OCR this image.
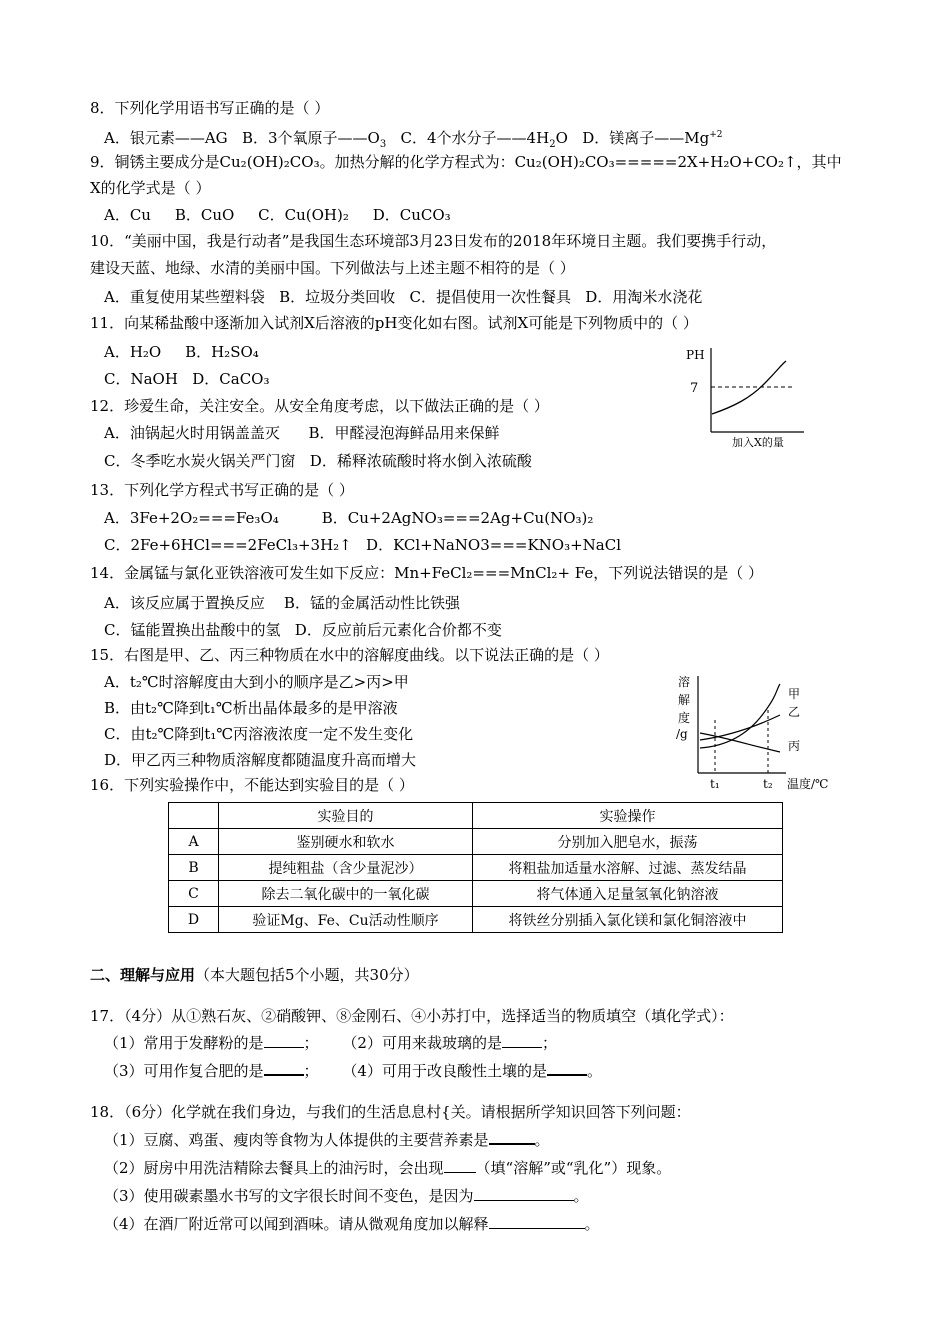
8．下列化学用语书写正确的是（ ）
A．银元素——AG B．3个氧原子$——O_3$ C．4个水分子$——4H_2O$ D．镁离子$——Mg^{+2}$
9．铜锈主要成分是Cu₂(OH)₂CO₃。加热分解的化学方程式为：Cu₂(OH)₂CO₃=====2X+H₂O+CO₂↑，其中
X的化学式是（ ）
A．Cu B．CuO C．Cu(OH)₂ D．CuCO₃
10．“美丽中国，我是行动者”是我国生态环境部3月23日发布的2018年环境日主题。我们要携手行动，
建设天蓝、地绿、水清的美丽中国。下列做法与上述主题不相符的是（ ）
A．重复使用某些塑料袋 B．垃圾分类回收 C．提倡使用一次性餐具 D．用淘米水浇花
11．向某稀盐酸中逐渐加入试剂X后溶液的pH变化如右图。试剂X可能是下列物质中的（ ）
A．H₂O B．H₂SO₄
C．NaOH D．CaCO₃
PH
7
加入X的量
12．珍爱生命，关注安全。从安全角度考虑，以下做法正确的是（ ）
A．油锅起火时用锅盖盖灭 B．甲醛浸泡海鲜品用来保鲜
C．冬季吃水炭火锅关严门窗 D．稀释浓硫酸时将水倒入浓硫酸
13．下列化学方程式书写正确的是（ ）
A．3Fe+2O₂===Fe₃O₄	B．Cu+2AgNO₃===2Ag+Cu(NO₃)₂
C．2Fe+6HCl===2FeCl₃+3H₂↑ D．KCl+NaNO3===KNO₃+NaCl
14．金属锰与氯化亚铁溶液可发生如下反应：Mn+FeCl₂===MnCl₂+ Fe，下列说法错误的是（ ）
A．该反应属于置换反应 B．锰的金属活动性比铁强
C．锰能置换出盐酸中的氢 D．反应前后元素化合价都不变
15．右图是甲、乙、丙三种物质在水中的溶解度曲线。以下说法正确的是（ ）
A．t₂℃时溶解度由大到小的顺序是乙>丙>甲
B．由t₂℃降到t₁℃析出晶体最多的是甲溶液
C．由t₂℃降到t₁℃丙溶液浓度一定不发生变化
D．甲乙丙三种物质溶解度都随温度升高而增大
溶
解
度
/g
甲
乙
丙
t₁	t₂ 温度/℃
16．下列实验操作中，不能达到实验目的是（ ）
	实验目的	实验操作
A	鉴别硬水和软水	分别加入肥皂水，振荡
B	提纯粗盐（含少量泥沙）	将粗盐加适量水溶解、过滤、蒸发结晶
C	除去二氧化碳中的一氧化碳	将气体通入足量氢氧化钠溶液
D	验证Mg、Fe、Cu活动性顺序	将铁丝分别插入氯化镁和氯化铜溶液中
二、理解与应用（本大题包括5个小题，共30分）
17．（4分）从①熟石灰、②硝酸钾、⑧金刚石、④小苏打中，选择适当的物质填空（填化学式）：
（1）常用于发酵粉的是	； （2）可用来裁玻璃的是	；
（3）可用作复合肥的是	； （4）可用于改良酸性土壤的是	。
18．（6分）化学就在我们身边，与我们的生活息息村{关。请根据所学知识回答下列问题：
（1）豆腐、鸡蛋、瘦肉等食物为人体提供的主要营养素是	。
（2）厨房中用洗洁精除去餐具上的油污时，会出现 （填“溶解”或“乳化”）现象。
（3）使用碳素墨水书写的文字很长时间不变色，是因为	。
（4）在酒厂附近常可以闻到酒味。请从微观角度加以解释	。
